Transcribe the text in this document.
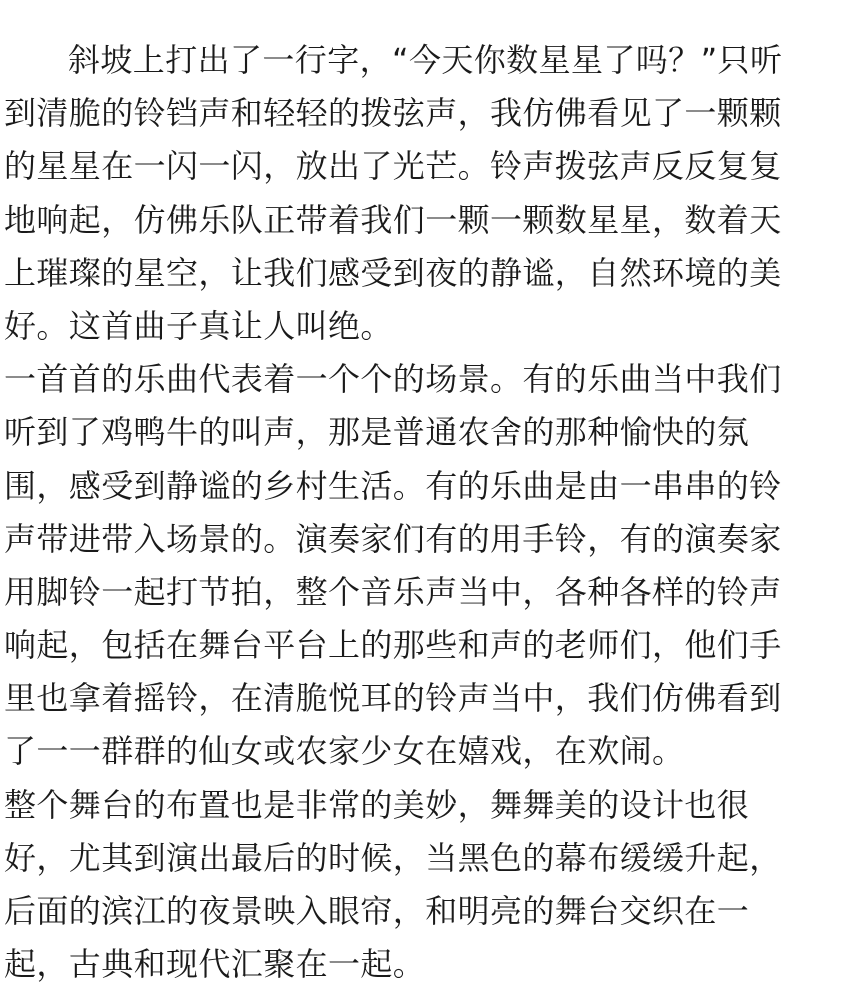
斜坡上打出了一行字，“今天你数星星了吗？”只听
到清脆的铃铛声和轻轻的拨弦声，我仿佛看见了一颗颗
的星星在一闪一闪，放出了光芒。铃声拨弦声反反复复
地响起，仿佛乐队正带着我们一颗一颗数星星，数着天
上璀璨的星空，让我们感受到夜的静谧，自然环境的美
好。这首曲子真让人叫绝。
一首首的乐曲代表着一个个的场景。有的乐曲当中我们
听到了鸡鸭牛的叫声，那是普通农舍的那种愉快的氛
围，感受到静谧的乡村生活。有的乐曲是由一串串的铃
声带进带入场景的。演奏家们有的用手铃，有的演奏家
用脚铃一起打节拍，整个音乐声当中，各种各样的铃声
响起，包括在舞台平台上的那些和声的老师们，他们手
里也拿着摇铃，在清脆悦耳的铃声当中，我们仿佛看到
了一一群群的仙女或农家少女在嬉戏，在欢闹。
整个舞台的布置也是非常的美妙，舞舞美的设计也很
好，尤其到演出最后的时候，当黑色的幕布缓缓升起，
后面的滨江的夜景映入眼帘，和明亮的舞台交织在一
起，古典和现代汇聚在一起。
